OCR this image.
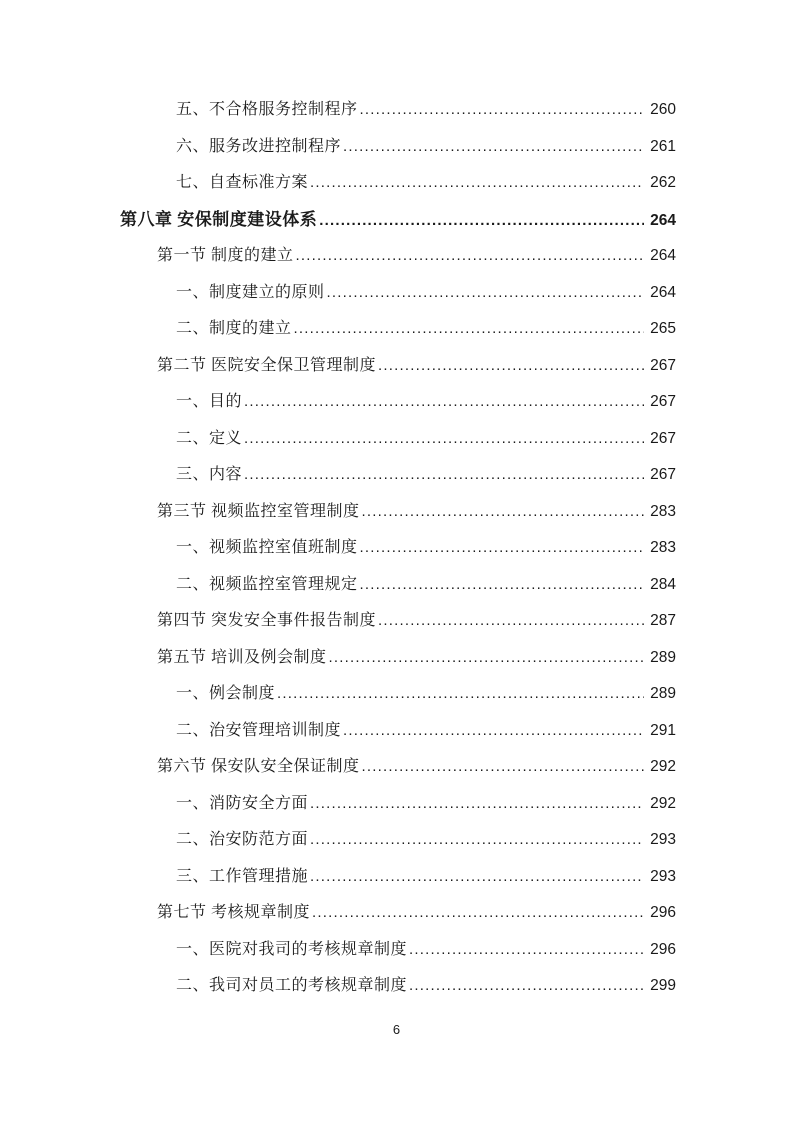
五、不合格服务控制程序 .....	260
六、服务改进控制程序 .....	261
七、自查标准方案 .....	262
第八章 安保制度建设体系 .....	264
第一节 制度的建立 .....	264
一、制度建立的原则 .....	264
二、制度的建立 .....	265
第二节 医院安全保卫管理制度 .....	267
一、目的 .....	267
二、定义 .....	267
三、内容 .....	267
第三节 视频监控室管理制度 .....	283
一、视频监控室值班制度 .....	283
二、视频监控室管理规定 .....	284
第四节 突发安全事件报告制度 .....	287
第五节 培训及例会制度 .....	289
一、例会制度 .....	289
二、治安管理培训制度 .....	291
第六节 保安队安全保证制度 .....	292
一、消防安全方面 .....	292
二、治安防范方面 .....	293
三、工作管理措施 .....	293
第七节 考核规章制度 .....	296
一、医院对我司的考核规章制度 .....	296
二、我司对员工的考核规章制度 .....	299
6
